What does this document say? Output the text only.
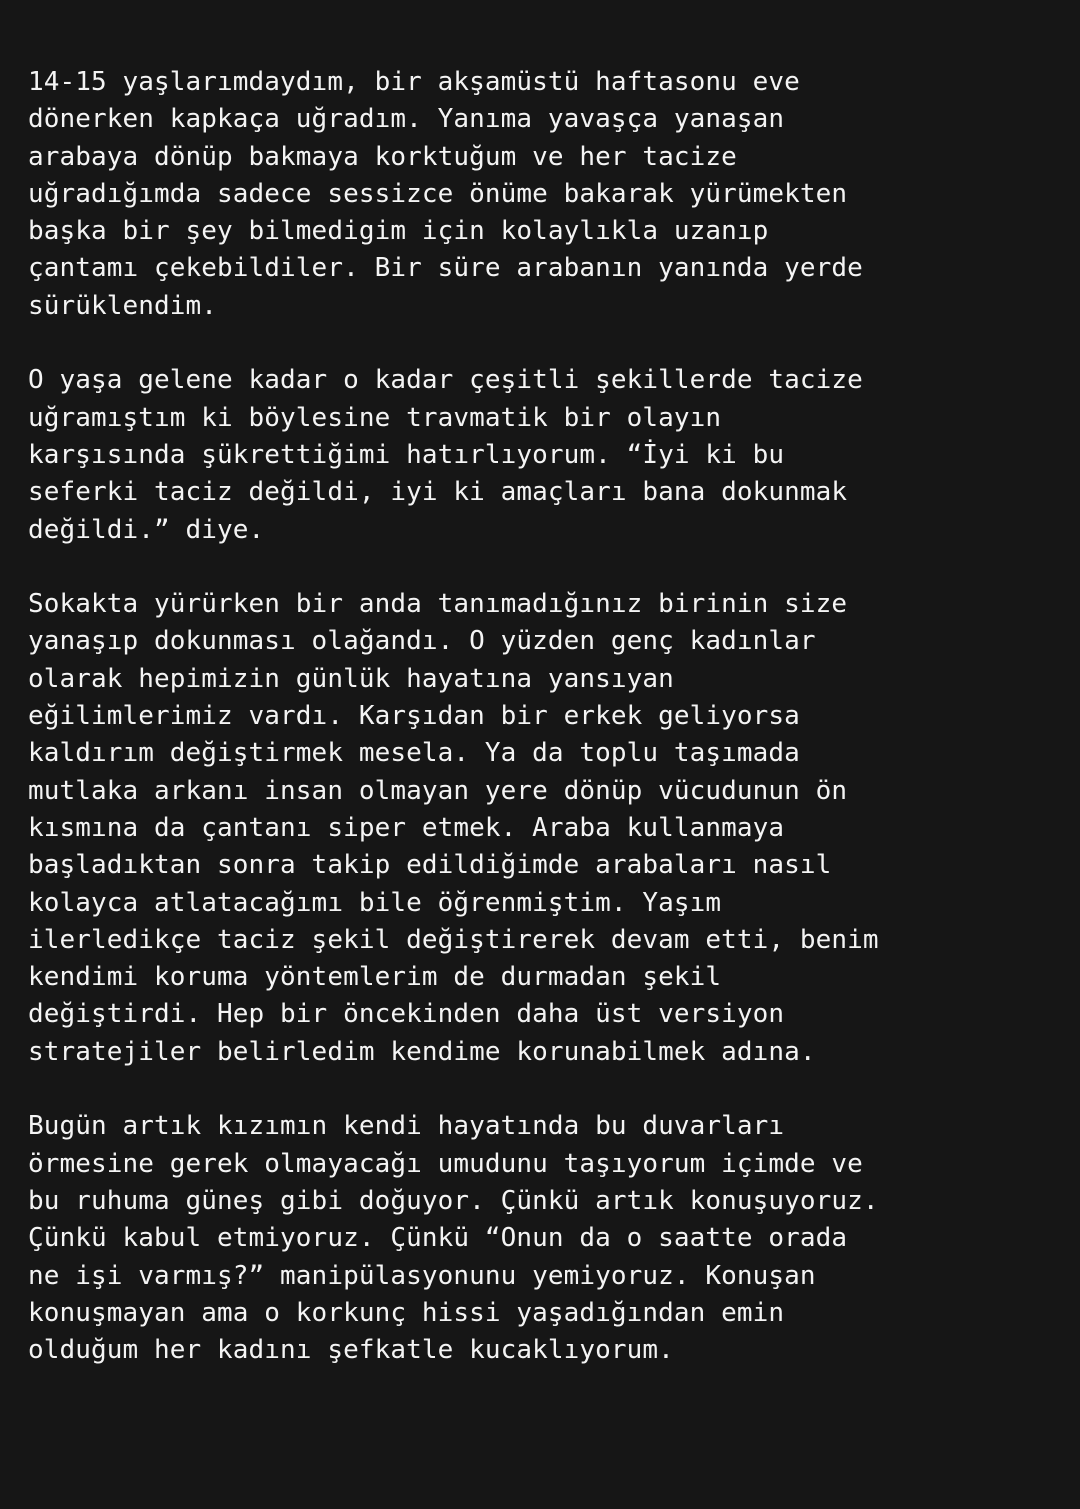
14-15 yaşlarımdaydım, bir akşamüstü haftasonu eve
dönerken kapkaça uğradım. Yanıma yavaşça yanaşan
arabaya dönüp bakmaya korktuğum ve her tacize
uğradığımda sadece sessizce önüme bakarak yürümekten
başka bir şey bilmedigim için kolaylıkla uzanıp
çantamı çekebildiler. Bir süre arabanın yanında yerde
sürüklendim.

O yaşa gelene kadar o kadar çeşitli şekillerde tacize
uğramıştım ki böylesine travmatik bir olayın
karşısında şükrettiğimi hatırlıyorum. “İyi ki bu
seferki taciz değildi, iyi ki amaçları bana dokunmak
değildi.” diye.

Sokakta yürürken bir anda tanımadığınız birinin size
yanaşıp dokunması olağandı. O yüzden genç kadınlar
olarak hepimizin günlük hayatına yansıyan
eğilimlerimiz vardı. Karşıdan bir erkek geliyorsa
kaldırım değiştirmek mesela. Ya da toplu taşımada
mutlaka arkanı insan olmayan yere dönüp vücudunun ön
kısmına da çantanı siper etmek. Araba kullanmaya
başladıktan sonra takip edildiğimde arabaları nasıl
kolayca atlatacağımı bile öğrenmiştim. Yaşım
ilerledikçe taciz şekil değiştirerek devam etti, benim
kendimi koruma yöntemlerim de durmadan şekil
değiştirdi. Hep bir öncekinden daha üst versiyon
stratejiler belirledim kendime korunabilmek adına.

Bugün artık kızımın kendi hayatında bu duvarları
örmesine gerek olmayacağı umudunu taşıyorum içimde ve
bu ruhuma güneş gibi doğuyor. Çünkü artık konuşuyoruz.
Çünkü kabul etmiyoruz. Çünkü “Onun da o saatte orada
ne işi varmış?” manipülasyonunu yemiyoruz. Konuşan
konuşmayan ama o korkunç hissi yaşadığından emin
olduğum her kadını şefkatle kucaklıyorum.
